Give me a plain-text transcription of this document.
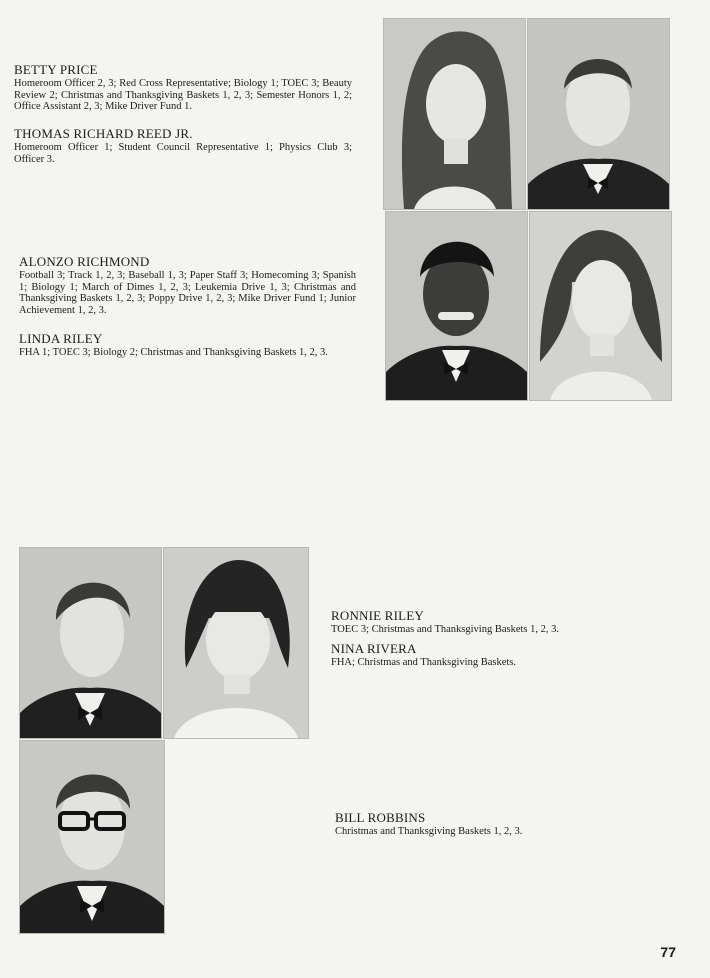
BETTY PRICE
Homeroom Officer 2, 3; Red Cross Representative; Biology 1; TOEC 3; Beauty Review 2; Christmas and Thanksgiving Baskets 1, 2, 3; Semester Honors 1, 2; Office Assistant 2, 3; Mike Driver Fund 1.
THOMAS RICHARD REED JR.
Homeroom Officer 1; Student Council Representative 1; Physics Club 3; Officer 3.
ALONZO RICHMOND
Football 3; Track 1, 2, 3; Baseball 1, 3; Paper Staff 3; Homecoming 3; Spanish 1; Biology 1; March of Dimes 1, 2, 3; Leukemia Drive 1, 3; Christmas and Thanksgiving Baskets 1, 2, 3; Poppy Drive 1, 2, 3; Mike Driver Fund 1; Junior Achievement 1, 2, 3.
LINDA RILEY
FHA 1; TOEC 3; Biology 2; Christmas and Thanksgiving Baskets 1, 2, 3.
RONNIE RILEY
TOEC 3; Christmas and Thanksgiving Baskets 1, 2, 3.
NINA RIVERA
FHA; Christmas and Thanksgiving Baskets.
BILL ROBBINS
Christmas and Thanksgiving Baskets 1, 2, 3.
77
